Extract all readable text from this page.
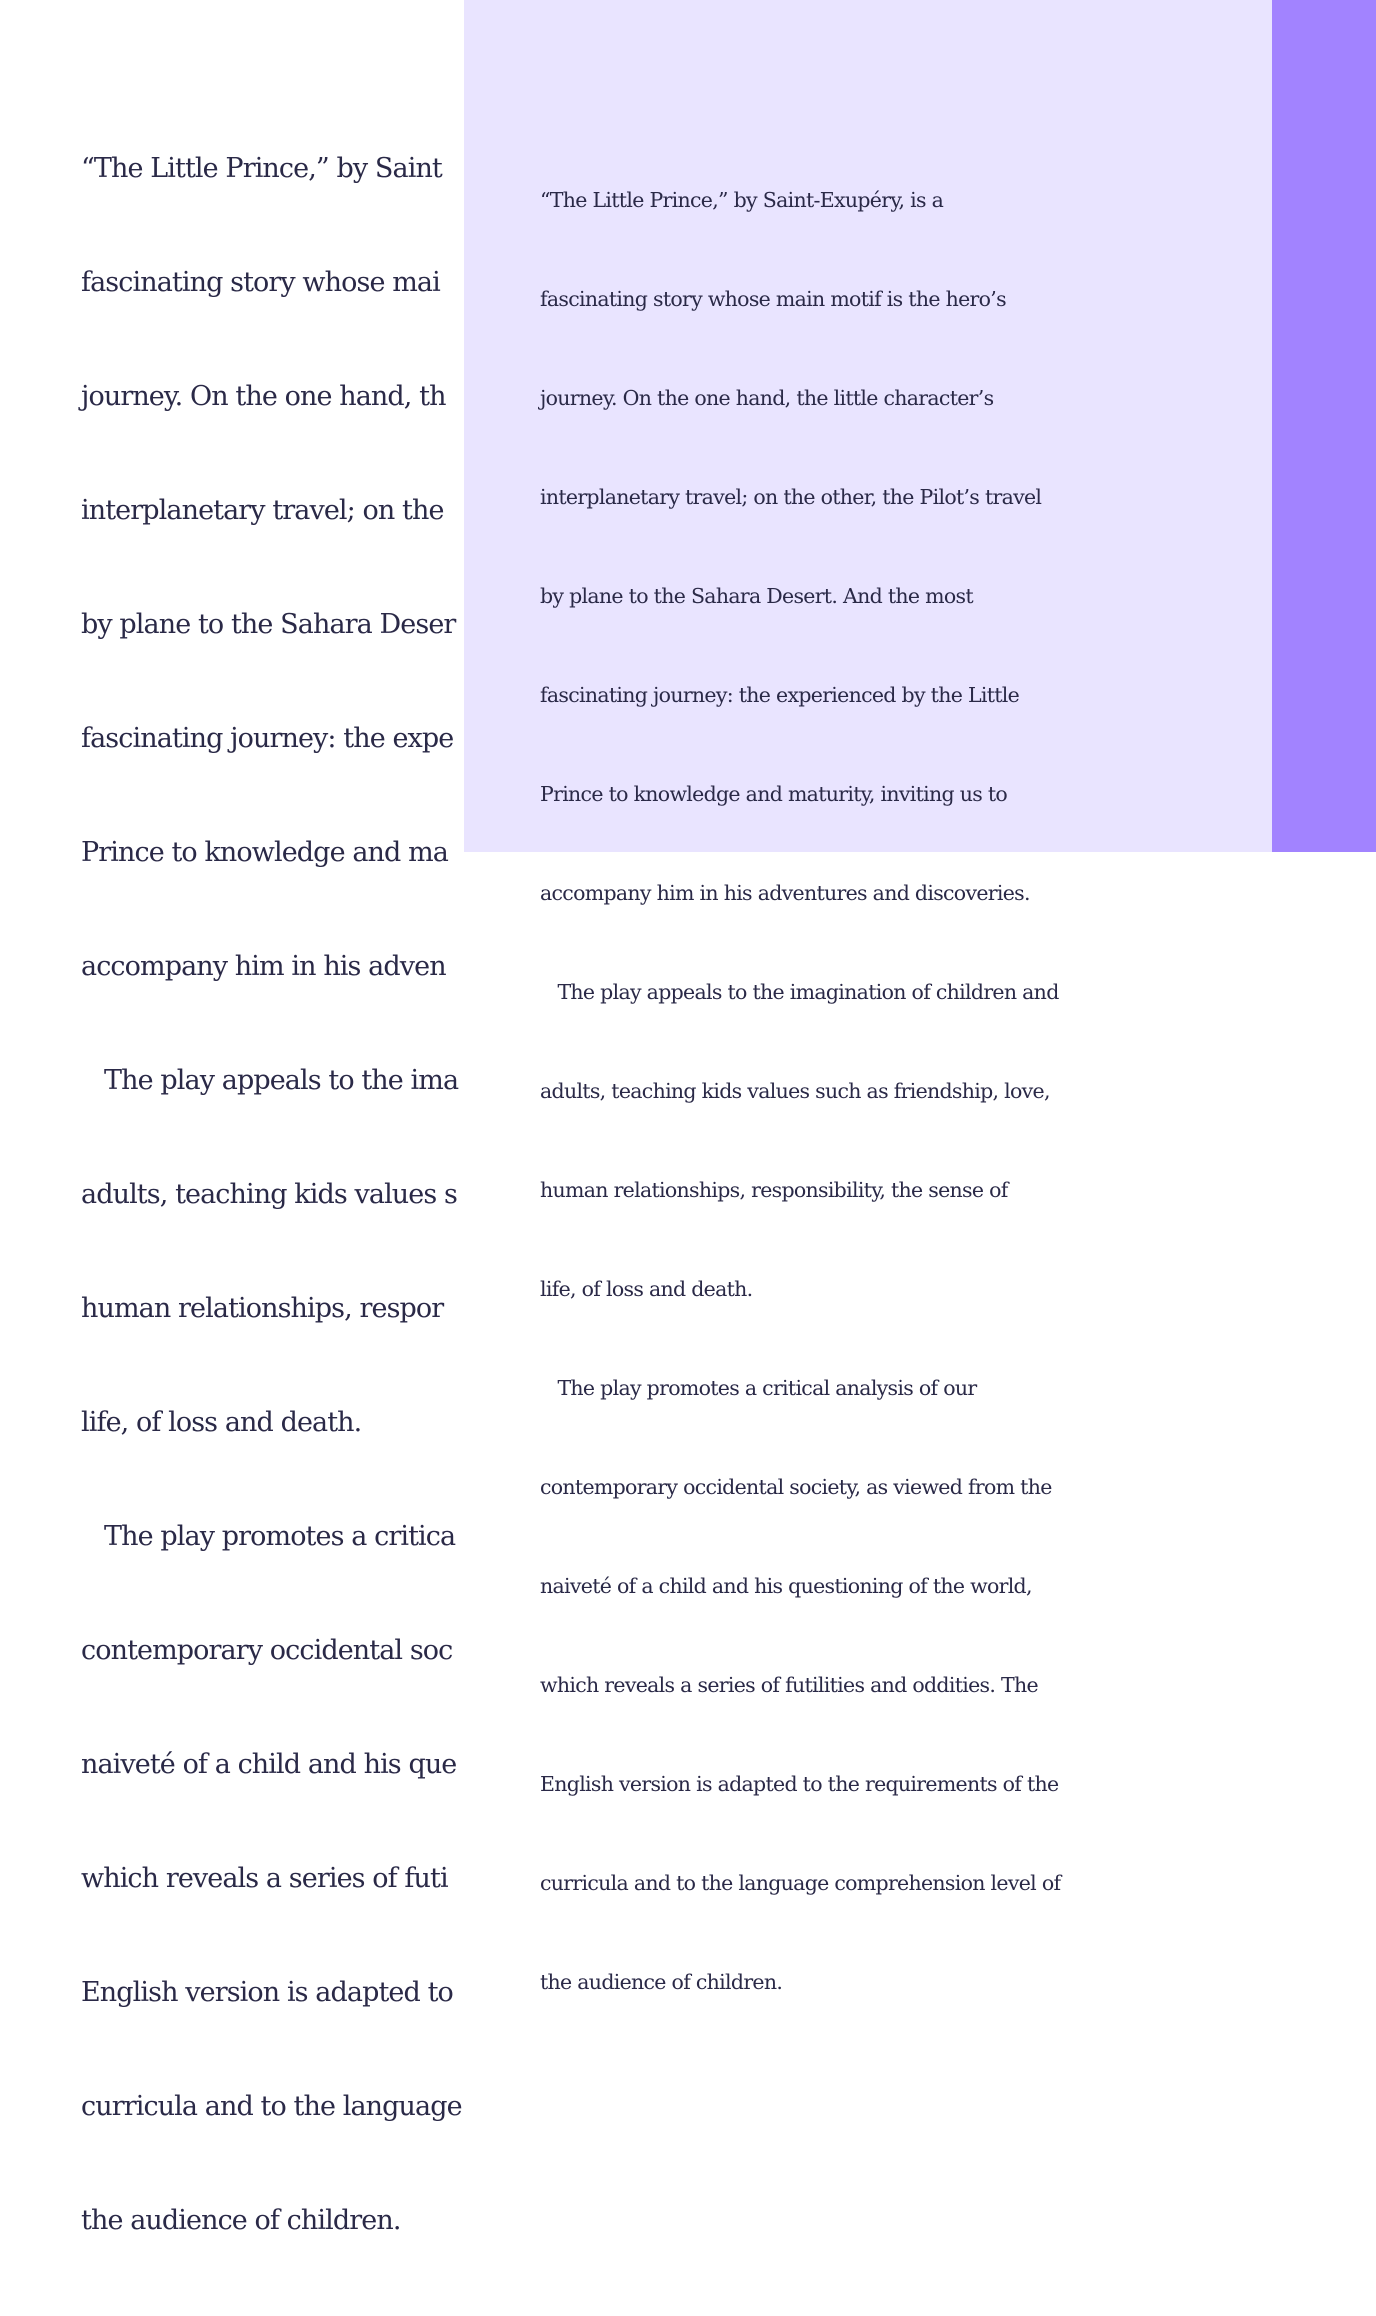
“The Little Prince,” by Saint

fascinating story whose mai

journey. On the one hand, th

interplanetary travel; on the

by plane to the Sahara Deser

fascinating journey: the expe

Prince to knowledge and ma

accompany him in his adven

The play appeals to the ima

adults, teaching kids values s

human relationships, respor

life, of loss and death.

The play promotes a critica

contemporary occidental soc

naiveté of a child and his que

which reveals a series of futi

English version is adapted to

curricula and to the language

the audience of children.

“The Little Prince,” by Saint-Exupéry, is a

fascinating story whose main motif is the hero’s

journey. On the one hand, the little character’s

interplanetary travel; on the other, the Pilot’s travel

by plane to the Sahara Desert. And the most

fascinating journey: the experienced by the Little

Prince to knowledge and maturity, inviting us to

accompany him in his adventures and discoveries.

The play appeals to the imagination of children and

adults, teaching kids values such as friendship, love,

human relationships, responsibility, the sense of

life, of loss and death.

The play promotes a critical analysis of our

contemporary occidental society, as viewed from the

naiveté of a child and his questioning of the world,

which reveals a series of futilities and oddities. The

English version is adapted to the requirements of the

curricula and to the language comprehension level of

the audience of children.
